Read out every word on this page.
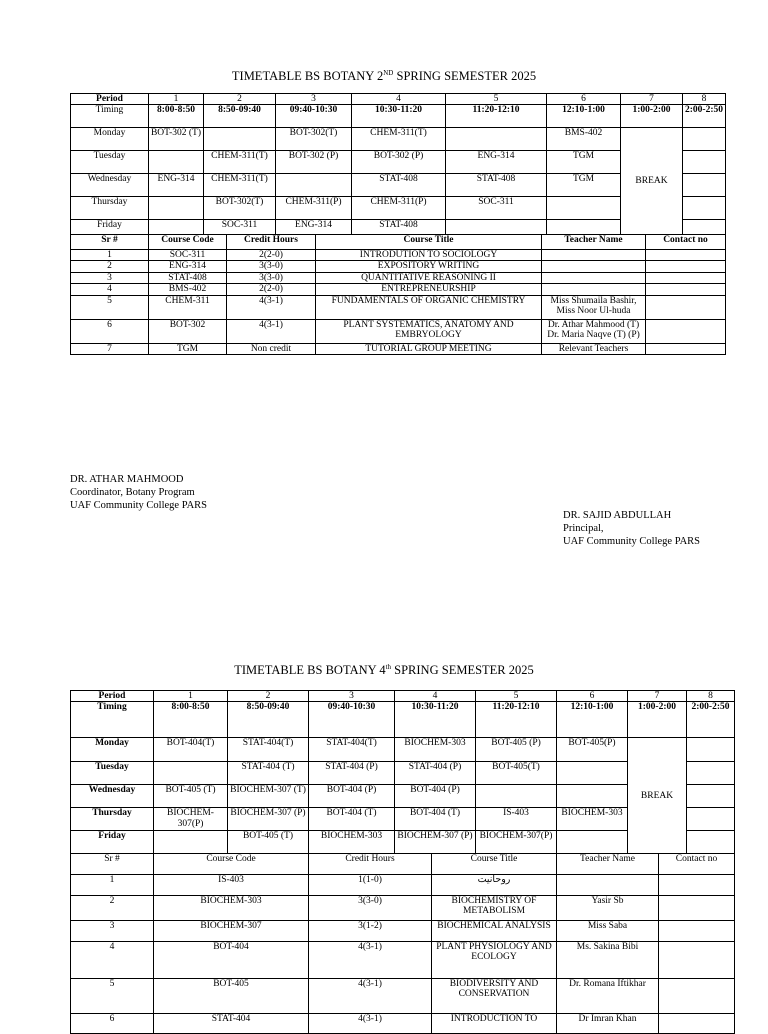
TIMETABLE BS BOTANY 2ND SPRING SEMESTER 2025
Period	1	2	3	4	5	6	7	8
Timing	8:00-8:50	8:50-09:40	09:40-10:30	10:30-11:20	11:20-12:10	12:10-1:00	1:00-2:00	2:00-2:50
Monday	BOT-302 (T)		BOT-302(T)	CHEM-311(T)		BMS-402	BREAK	
Tuesday		CHEM-311(T)	BOT-302 (P)	BOT-302 (P)	ENG-314	TGM		
Wednesday	ENG-314	CHEM-311(T)		STAT-408	STAT-408	TGM		
Thursday		BOT-302(T)	CHEM-311(P)	CHEM-311(P)	SOC-311			
Friday		SOC-311	ENG-314	STAT-408				
Sr #	Course Code	Credit Hours	Course Title	Teacher Name	Contact no
1	SOC-311	2(2-0)	INTRODUTION TO SOCIOLOGY		
2	ENG-314	3(3-0)	EXPOSITORY WRITING		
3	STAT-408	3(3-0)	QUANTITATIVE REASONING II		
4	BMS-402	2(2-0)	ENTREPRENEURSHIP		
5	CHEM-311	4(3-1)	FUNDAMENTALS OF ORGANIC CHEMISTRY	Miss Shumaila Bashir, Miss Noor Ul-huda	
6	BOT-302	4(3-1)	PLANT SYSTEMATICS, ANATOMY AND EMBRYOLOGY	Dr. Athar Mahmood (T) Dr. Maria Naqve (T) (P)	
7	TGM	Non credit	TUTORIAL GROUP MEETING	Relevant Teachers	
DR. ATHAR MAHMOOD
Coordinator, Botany Program
UAF Community College PARS
DR. SAJID ABDULLAH
Principal,
UAF Community College PARS
TIMETABLE BS BOTANY 4th SPRING SEMESTER 2025
Period	1	2	3	4	5	6	7	8
Timing	8:00-8:50	8:50-09:40	09:40-10:30	10:30-11:20	11:20-12:10	12:10-1:00	1:00-2:00	2:00-2:50
Monday	BOT-404(T)	STAT-404(T)	STAT-404(T)	BIOCHEM-303	BOT-405 (P)	BOT-405(P)	BREAK	
Tuesday		STAT-404 (T)	STAT-404 (P)	STAT-404 (P)	BOT-405(T)			
Wednesday	BOT-405 (T)	BIOCHEM-307 (T)	BOT-404 (P)	BOT-404 (P)				
Thursday	BIOCHEM-307(P)	BIOCHEM-307 (P)	BOT-404 (T)	BOT-404 (T)	IS-403	BIOCHEM-303		
Friday		BOT-405 (T)	BIOCHEM-303	BIOCHEM-307 (P)	BIOCHEM-307(P)			
Sr #	Course Code	Credit Hours	Course Title	Teacher Name	Contact no
1	IS-403	1(1-0)	روحانیت		
2	BIOCHEM-303	3(3-0)	BIOCHEMISTRY OF METABOLISM	Yasir Sb	
3	BIOCHEM-307	3(1-2)	BIOCHEMICAL ANALYSIS	Miss Saba	
4	BOT-404	4(3-1)	PLANT PHYSIOLOGY AND ECOLOGY	Ms. Sakina Bibi	
5	BOT-405	4(3-1)	BIODIVERSITY AND CONSERVATION	Dr. Romana Iftikhar	
6	STAT-404	4(3-1)	INTRODUCTION TO	Dr Imran Khan	
